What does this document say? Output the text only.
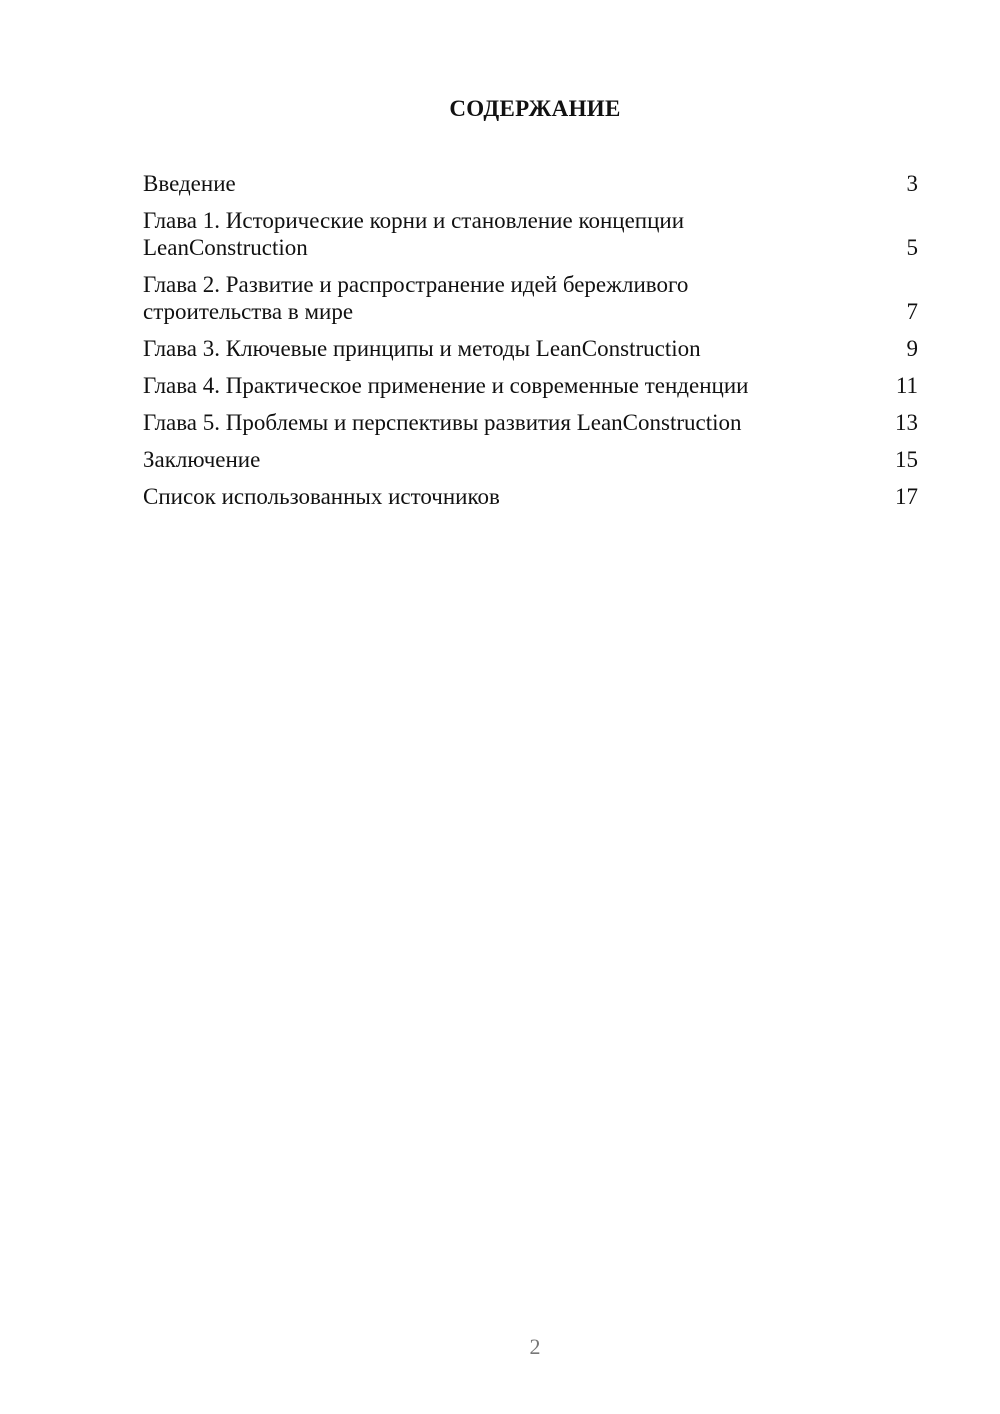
СОДЕРЖАНИЕ
Введение	3
Глава 1. Исторические корни и становление концепции
LeanConstruction	5
Глава 2. Развитие и распространение идей бережливого
строительства в мире	7
Глава 3. Ключевые принципы и методы LeanConstruction	9
Глава 4. Практическое применение и современные тенденции	11
Глава 5. Проблемы и перспективы развития LeanConstruction	13
Заключение	15
Список использованных источников	17
2
